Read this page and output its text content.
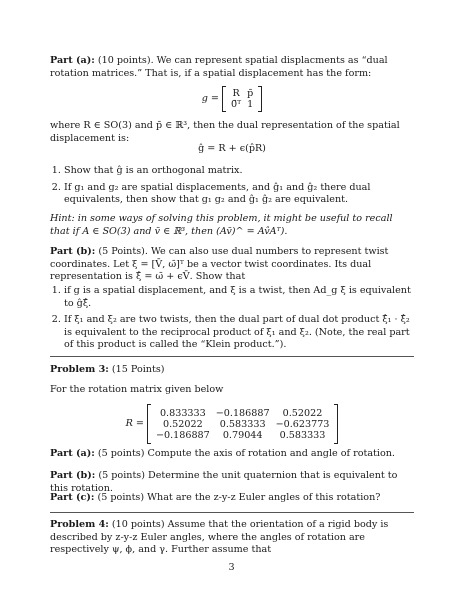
Part (a): (10 points). We can represent spatial displacments as “dual rotation matrices.” That is, if a spatial displacement has the form:
g =
R	p̄
0̄ᵀ	1
where R ∈ SO(3) and p̄ ∈ ℝ³, then the dual representation of the spatial displacement is:
ĝ = R + ϵ(p̂R)
1. Show that ĝ is an orthogonal matrix.
2. If g₁ and g₂ are spatial displacements, and ĝ₁ and ĝ₂ there dual equivalents, then show that g₁ g₂ and ĝ₁ ĝ₂ are equivalent.
Hint: in some ways of solving this problem, it might be useful to recall that if A ∈ SO(3) and v̄ ∈ ℝ³, then (Av̄)^ = Av̂Aᵀ).
Part (b): (5 Points). We can also use dual numbers to represent twist coordinates. Let ξ = [V̄, ω̄]ᵀ be a vector twist coordinates. Its dual representation is ξ̂ = ω̄ + ϵV̄. Show that
1. if g is a spatial displacement, and ξ is a twist, then Ad_g ξ is equivalent to ĝξ̂.
2. If ξ₁ and ξ₂ are two twists, then the dual part of dual dot product ξ̂₁ · ξ̂₂ is equivalent to the reciprocal product of ξ₁ and ξ₂. (Note, the real part of this product is called the “Klein product.”).
Problem 3: (15 Points)
For the rotation matrix given below
R =

0.833333	−0.186887	0.52022
0.52022	0.583333	−0.623773
−0.186887	0.79044	0.583333
Part (a): (5 points) Compute the axis of rotation and angle of rotation.
Part (b): (5 points) Determine the unit quaternion that is equivalent to this rotation.
Part (c): (5 points) What are the z-y-z Euler angles of this rotation?
Problem 4: (10 points) Assume that the orientation of a rigid body is described by z-y-z Euler angles, where the angles of rotation are respectively ψ, ϕ, and γ. Further assume that
3
